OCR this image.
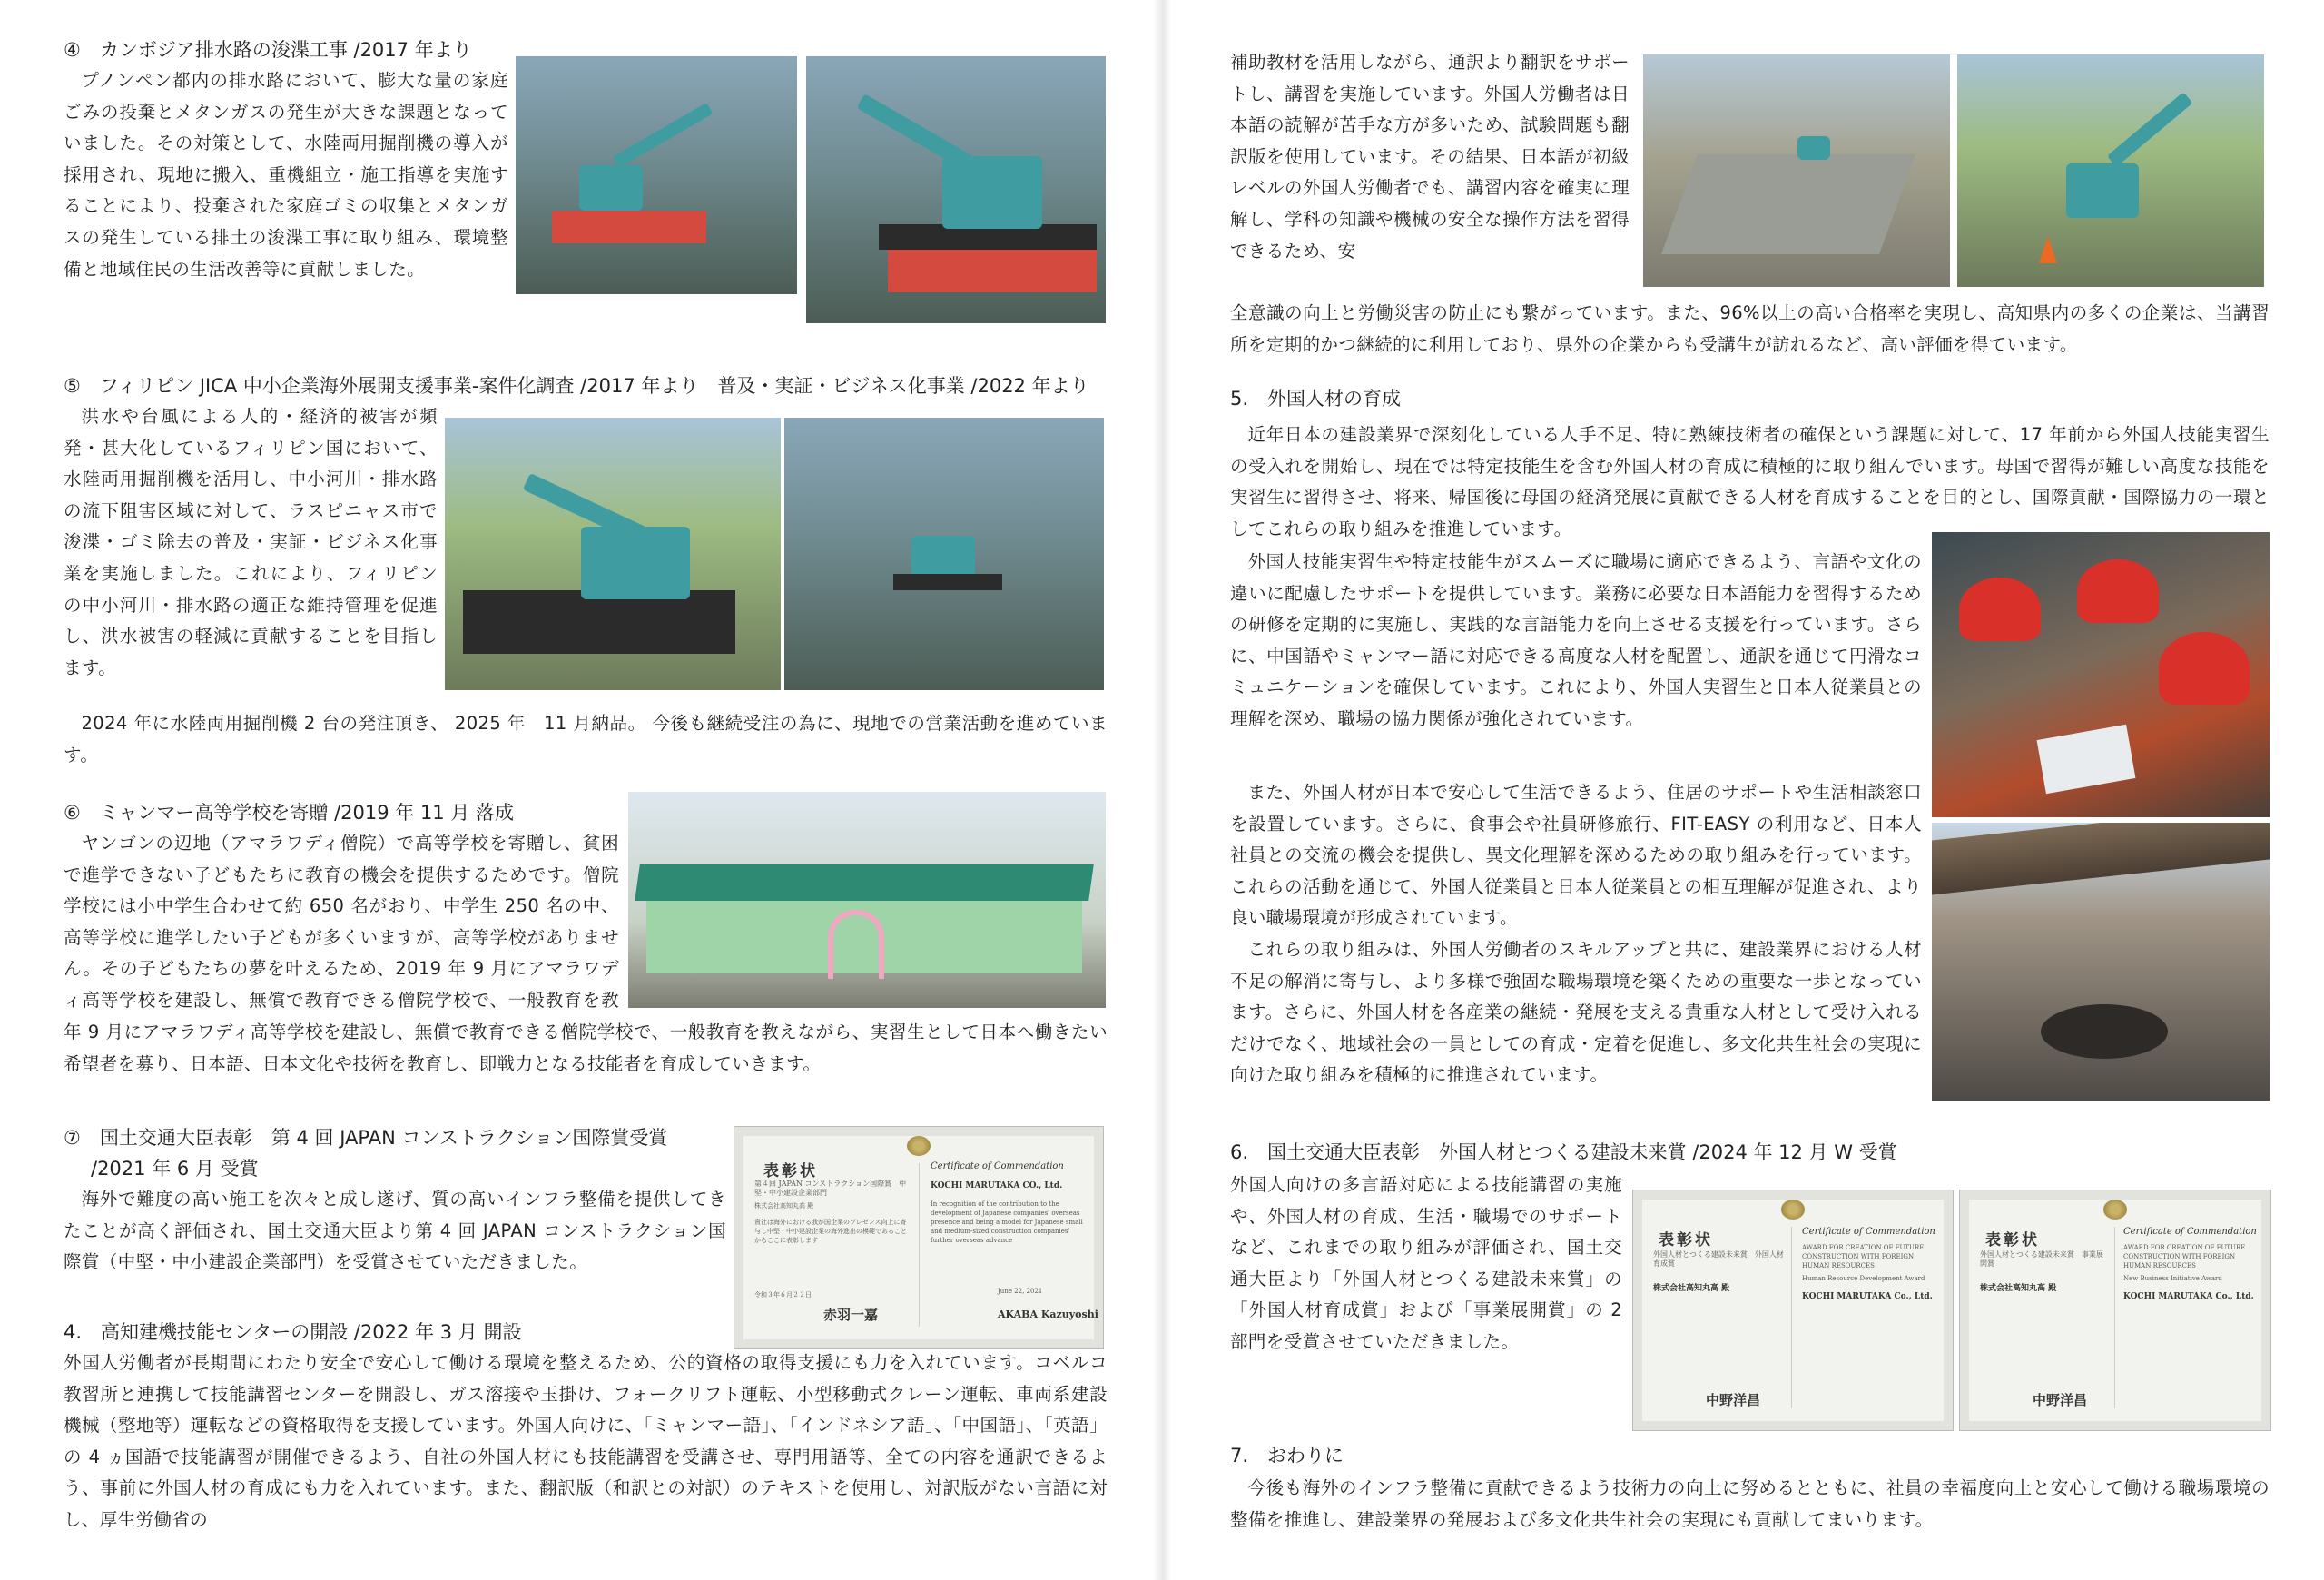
④　カンボジア排水路の浚渫工事 /2017 年より

プノンペン都内の排水路において、膨大な量の家庭ごみの投棄とメタンガスの発生が大きな課題となっていました。その対策として、水陸両用掘削機の導入が採用され、現地に搬入、重機組立・施工指導を実施することにより、投棄された家庭ゴミの収集とメタンガスの発生している排土の浚渫工事に取り組み、環境整備と地域住民の生活改善等に貢献しました。

⑤　フィリピン JICA 中小企業海外展開支援事業-案件化調査 /2017 年より　普及・実証・ビジネス化事業 /2022 年より

洪水や台風による人的・経済的被害が頻発・甚大化しているフィリピン国において、水陸両用掘削機を活用し、中小河川・排水路の流下阻害区域に対して、ラスピニャス市で浚渫・ゴミ除去の普及・実証・ビジネス化事業を実施しました。これにより、フィリピンの中小河川・排水路の適正な維持管理を促進し、洪水被害の軽減に貢献することを目指します。

2024 年に水陸両用掘削機 2 台の発注頂き、 2025 年　11 月納品。 今後も継続受注の為に、現地での営業活動を進めています。

⑥　ミャンマー高等学校を寄贈 /2019 年 11 月 落成

ヤンゴンの辺地（アマラワディ僧院）で高等学校を寄贈し、貧困で進学できない子どもたちに教育の機会を提供するためです。僧院学校には小中学生合わせて約 650 名がおり、中学生 250 名の中、高等学校に進学したい子どもが多くいますが、高等学校がありません。その子どもたちの夢を叶えるため、2019 年 9 月にアマラワディ高等学校を建設し、無償で教育できる僧院学校で、一般教育を教

年 9 月にアマラワディ高等学校を建設し、無償で教育できる僧院学校で、一般教育を教えながら、実習生として日本へ働きたい希望者を募り、日本語、日本文化や技術を教育し、即戦力となる技能者を育成していきます。

⑦　国土交通大臣表彰　第 4 回 JAPAN コンストラクション国際賞受賞
/2021 年 6 月 受賞

海外で難度の高い施工を次々と成し遂げ、質の高いインフラ整備を提供してきたことが高く評価され、国土交通大臣より第 4 回 JAPAN コンストラクション国際賞（中堅・中小建設企業部門）を受賞させていただきました。

表彰状
第４回 JAPAN コンストラクション国際賞　中堅・中小建設企業部門
株式会社高知丸高 殿
貴社は海外における我が国企業のプレゼンス向上に寄与し中堅・中小建設企業の海外進出の模範であることからここに表彰します
令和３年６月２２日
赤羽一嘉
Certificate of Commendation
KOCHI MARUTAKA CO., Ltd.
In recognition of the contribution to the development of Japanese companies' overseas presence and being a model for Japanese small and medium-sized construction companies' further overseas advance
June 22, 2021
AKABA Kazuyoshi
4.　高知建機技能センターの開設 /2022 年 3 月 開設

外国人労働者が長期間にわたり安全で安心して働ける環境を整えるため、公的資格の取得支援にも力を入れています。コベルコ教習所と連携して技能講習センターを開設し、ガス溶接や玉掛け、フォークリフト運転、小型移動式クレーン運転、車両系建設機械（整地等）運転などの資格取得を支援しています。外国人向けに、「ミャンマー語」、「インドネシア語」、「中国語」、「英語」の 4 ヵ国語で技能講習が開催できるよう、自社の外国人材にも技能講習を受講させ、専門用語等、全ての内容を通訳できるよう、事前に外国人材の育成にも力を入れています。また、翻訳版（和訳との対訳）のテキストを使用し、対訳版がない言語に対し、厚生労働省の

補助教材を活用しながら、通訳より翻訳をサポートし、講習を実施しています。外国人労働者は日本語の読解が苦手な方が多いため、試験問題も翻訳版を使用しています。その結果、日本語が初級レベルの外国人労働者でも、講習内容を確実に理解し、学科の知識や機械の安全な操作方法を習得できるため、安

全意識の向上と労働災害の防止にも繋がっています。また、96%以上の高い合格率を実現し、高知県内の多くの企業は、当講習所を定期的かつ継続的に利用しており、県外の企業からも受講生が訪れるなど、高い評価を得ています。

5.　外国人材の育成

近年日本の建設業界で深刻化している人手不足、特に熟練技術者の確保という課題に対して、17 年前から外国人技能実習生の受入れを開始し、現在では特定技能生を含む外国人材の育成に積極的に取り組んでいます。母国で習得が難しい高度な技能を実習生に習得させ、将来、帰国後に母国の経済発展に貢献できる人材を育成することを目的とし、国際貢献・国際協力の一環としてこれらの取り組みを推進しています。

外国人技能実習生や特定技能生がスムーズに職場に適応できるよう、言語や文化の違いに配慮したサポートを提供しています。業務に必要な日本語能力を習得するための研修を定期的に実施し、実践的な言語能力を向上させる支援を行っています。さらに、中国語やミャンマー語に対応できる高度な人材を配置し、通訳を通じて円滑なコミュニケーションを確保しています。これにより、外国人実習生と日本人従業員との理解を深め、職場の協力関係が強化されています。

また、外国人材が日本で安心して生活できるよう、住居のサポートや生活相談窓口を設置しています。さらに、食事会や社員研修旅行、FIT-EASY の利用など、日本人社員との交流の機会を提供し、異文化理解を深めるための取り組みを行っています。これらの活動を通じて、外国人従業員と日本人従業員との相互理解が促進され、より良い職場環境が形成されています。

これらの取り組みは、外国人労働者のスキルアップと共に、建設業界における人材不足の解消に寄与し、より多様で強固な職場環境を築くための重要な一歩となっています。さらに、外国人材を各産業の継続・発展を支える貴重な人材として受け入れるだけでなく、地域社会の一員としての育成・定着を促進し、多文化共生社会の実現に向けた取り組みを積極的に推進されています。

6.　国土交通大臣表彰　外国人材とつくる建設未来賞 /2024 年 12 月 W 受賞

外国人向けの多言語対応による技能講習の実施や、外国人材の育成、生活・職場でのサポートなど、これまでの取り組みが評価され、国土交通大臣より「外国人材とつくる建設未来賞」の「外国人材育成賞」および「事業展開賞」の 2 部門を受賞させていただきました。

表彰状
外国人材とつくる建設未来賞　外国人材育成賞
株式会社高知丸高 殿
中野洋昌
Certificate of Commendation
AWARD FOR CREATION OF FUTURE CONSTRUCTION WITH FOREIGN HUMAN RESOURCES
Human Resource Development Award
KOCHI MARUTAKA Co., Ltd.
表彰状
外国人材とつくる建設未来賞　事業展開賞
株式会社高知丸高 殿
中野洋昌
Certificate of Commendation
AWARD FOR CREATION OF FUTURE CONSTRUCTION WITH FOREIGN HUMAN RESOURCES
New Business Initiative Award
KOCHI MARUTAKA Co., Ltd.
7.　おわりに

今後も海外のインフラ整備に貢献できるよう技術力の向上に努めるとともに、社員の幸福度向上と安心して働ける職場環境の整備を推進し、建設業界の発展および多文化共生社会の実現にも貢献してまいります。
